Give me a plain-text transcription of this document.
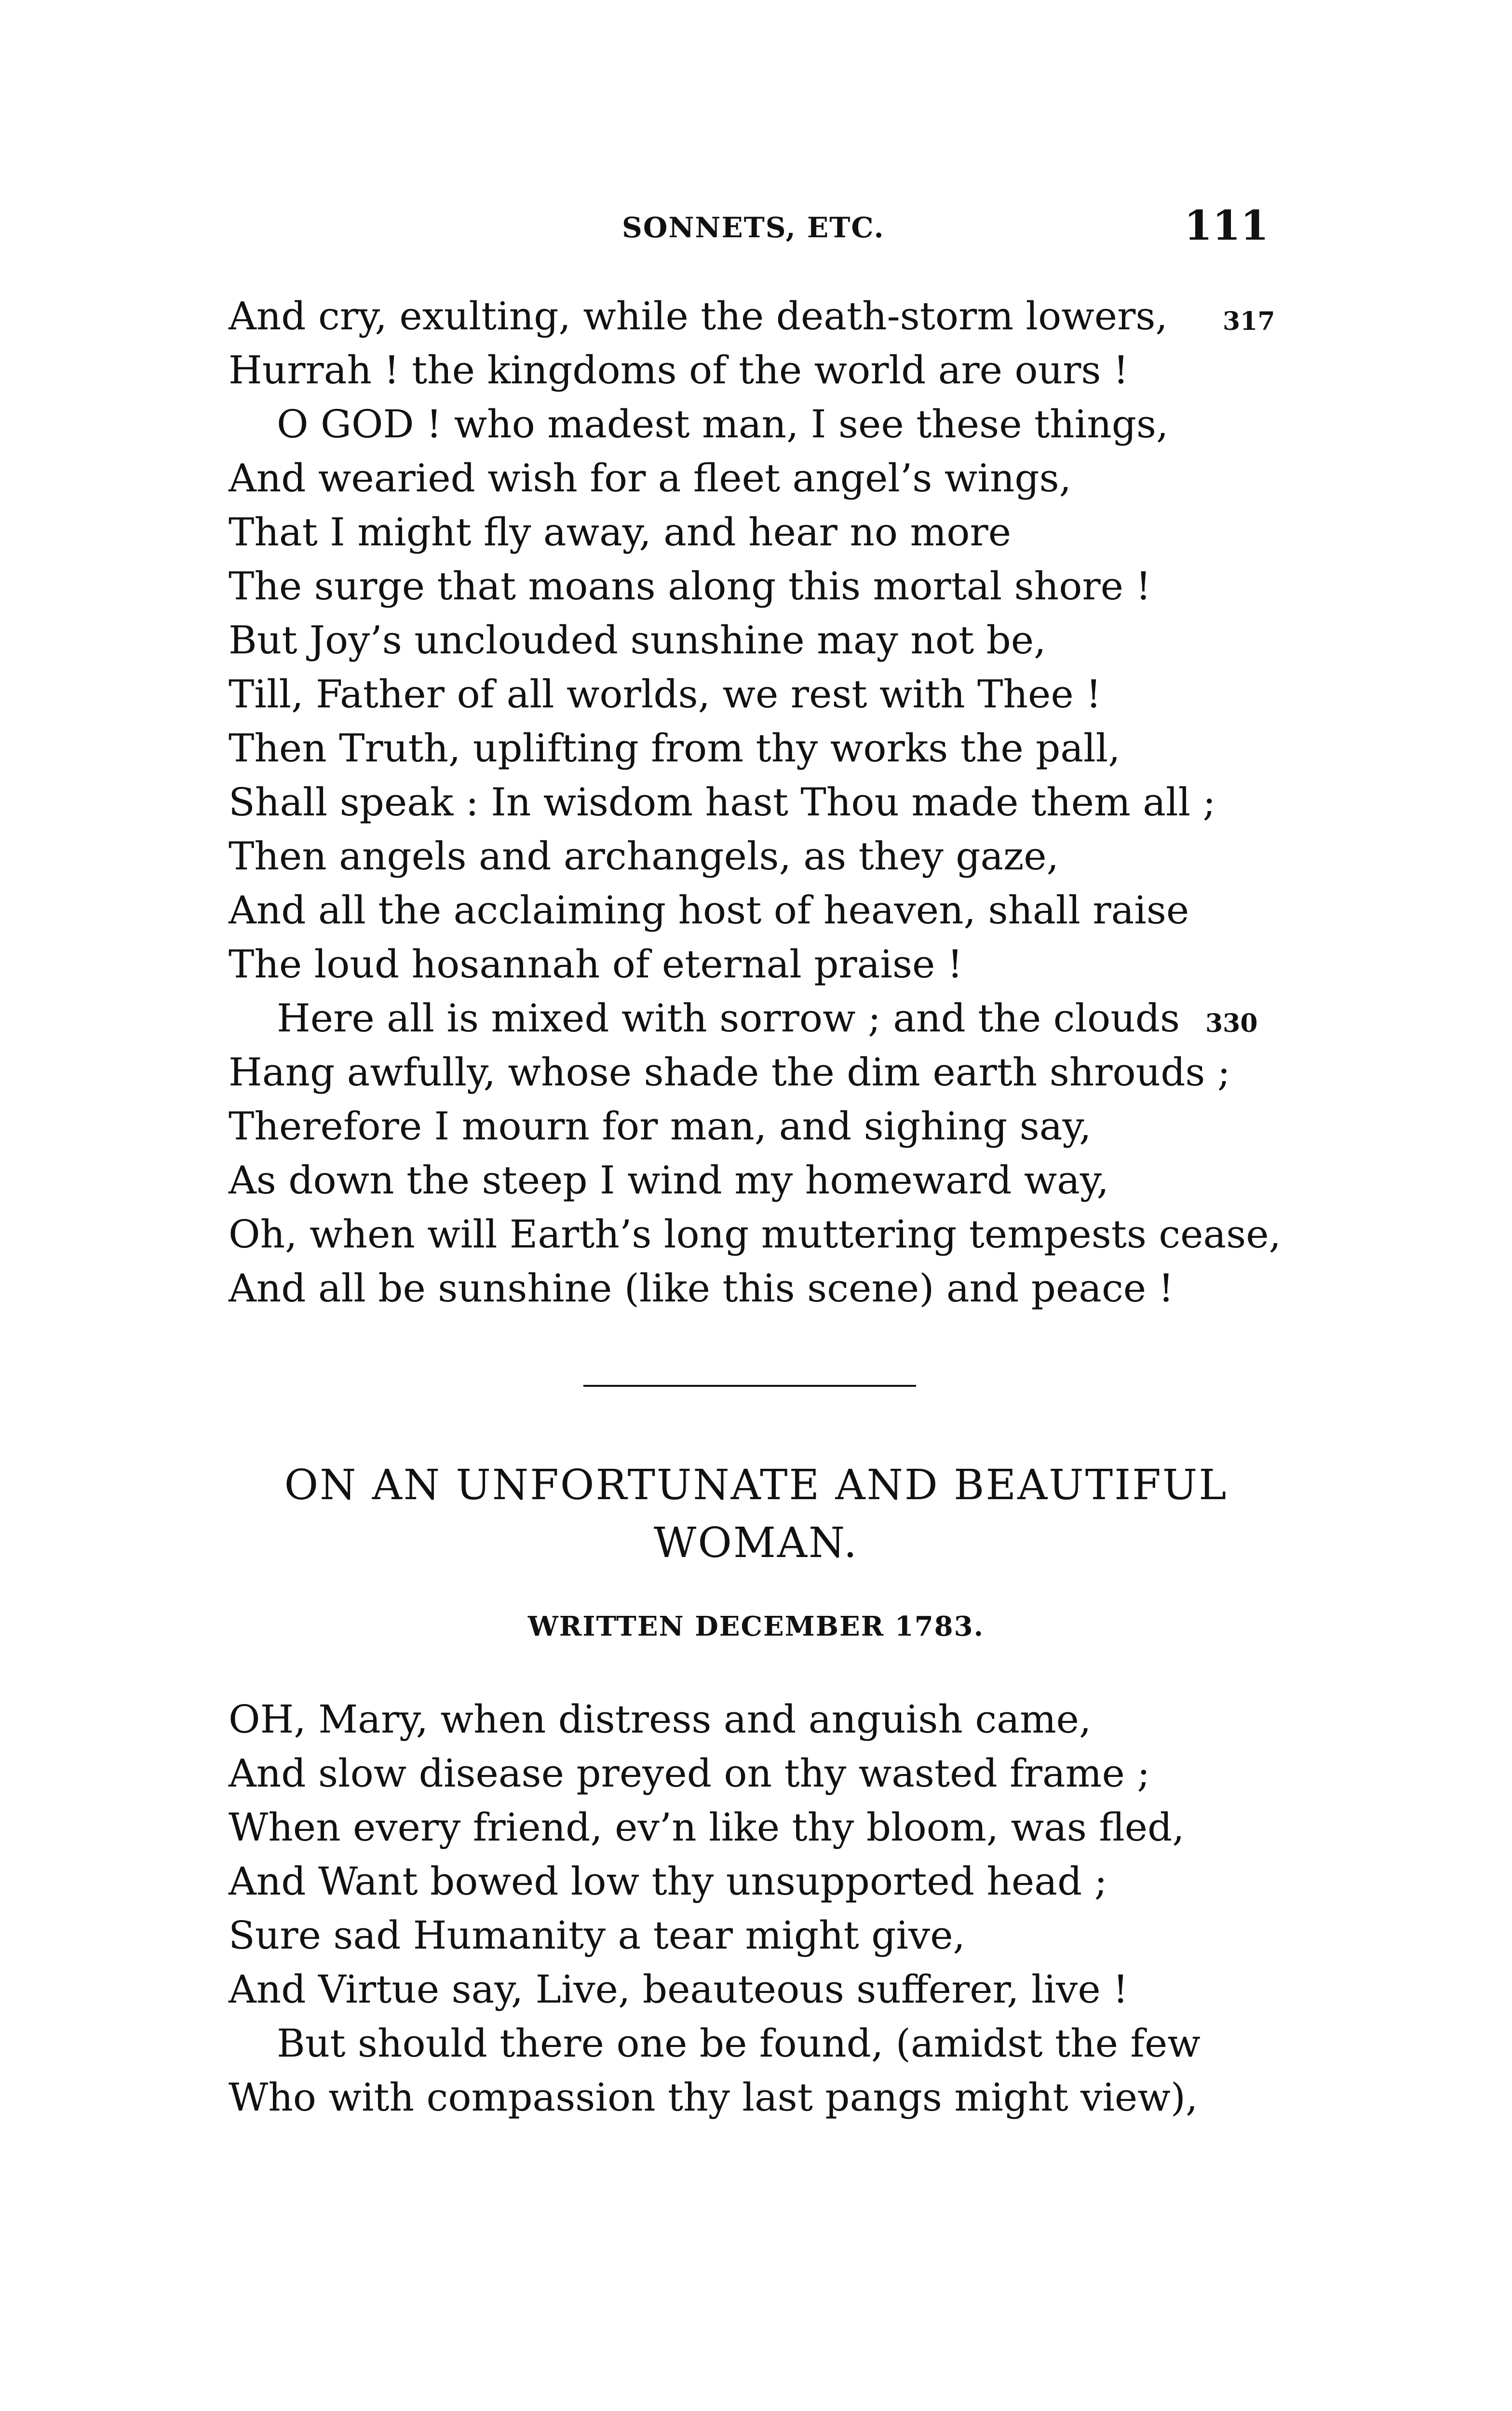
SONNETS, ETC.	111
And cry, exulting, while the death-storm lowers,
Hurrah ! the kingdoms of the world are ours !
O GOD ! who madest man, I see these things,
And wearied wish for a fleet angel’s wings,
That I might fly away, and hear no more
The surge that moans along this mortal shore !
But Joy’s unclouded sunshine may not be,
Till, Father of all worlds, we rest with Thee !
Then Truth, uplifting from thy works the pall,
Shall speak : In wisdom hast Thou made them all ;
Then angels and archangels, as they gaze,
And all the acclaiming host of heaven, shall raise
The loud hosannah of eternal praise !
Here all is mixed with sorrow ; and the clouds
Hang awfully, whose shade the dim earth shrouds ;
Therefore I mourn for man, and sighing say,
As down the steep I wind my homeward way,
Oh, when will Earth’s long muttering tempests cease,
And all be sunshine (like this scene) and peace !
317
330
ON AN UNFORTUNATE AND BEAUTIFUL
WOMAN.
WRITTEN DECEMBER 1783.
OH, Mary, when distress and anguish came,
And slow disease preyed on thy wasted frame ;
When every friend, ev’n like thy bloom, was fled,
And Want bowed low thy unsupported head ;
Sure sad Humanity a tear might give,
And Virtue say, Live, beauteous sufferer, live !
But should there one be found, (amidst the few
Who with compassion thy last pangs might view),
